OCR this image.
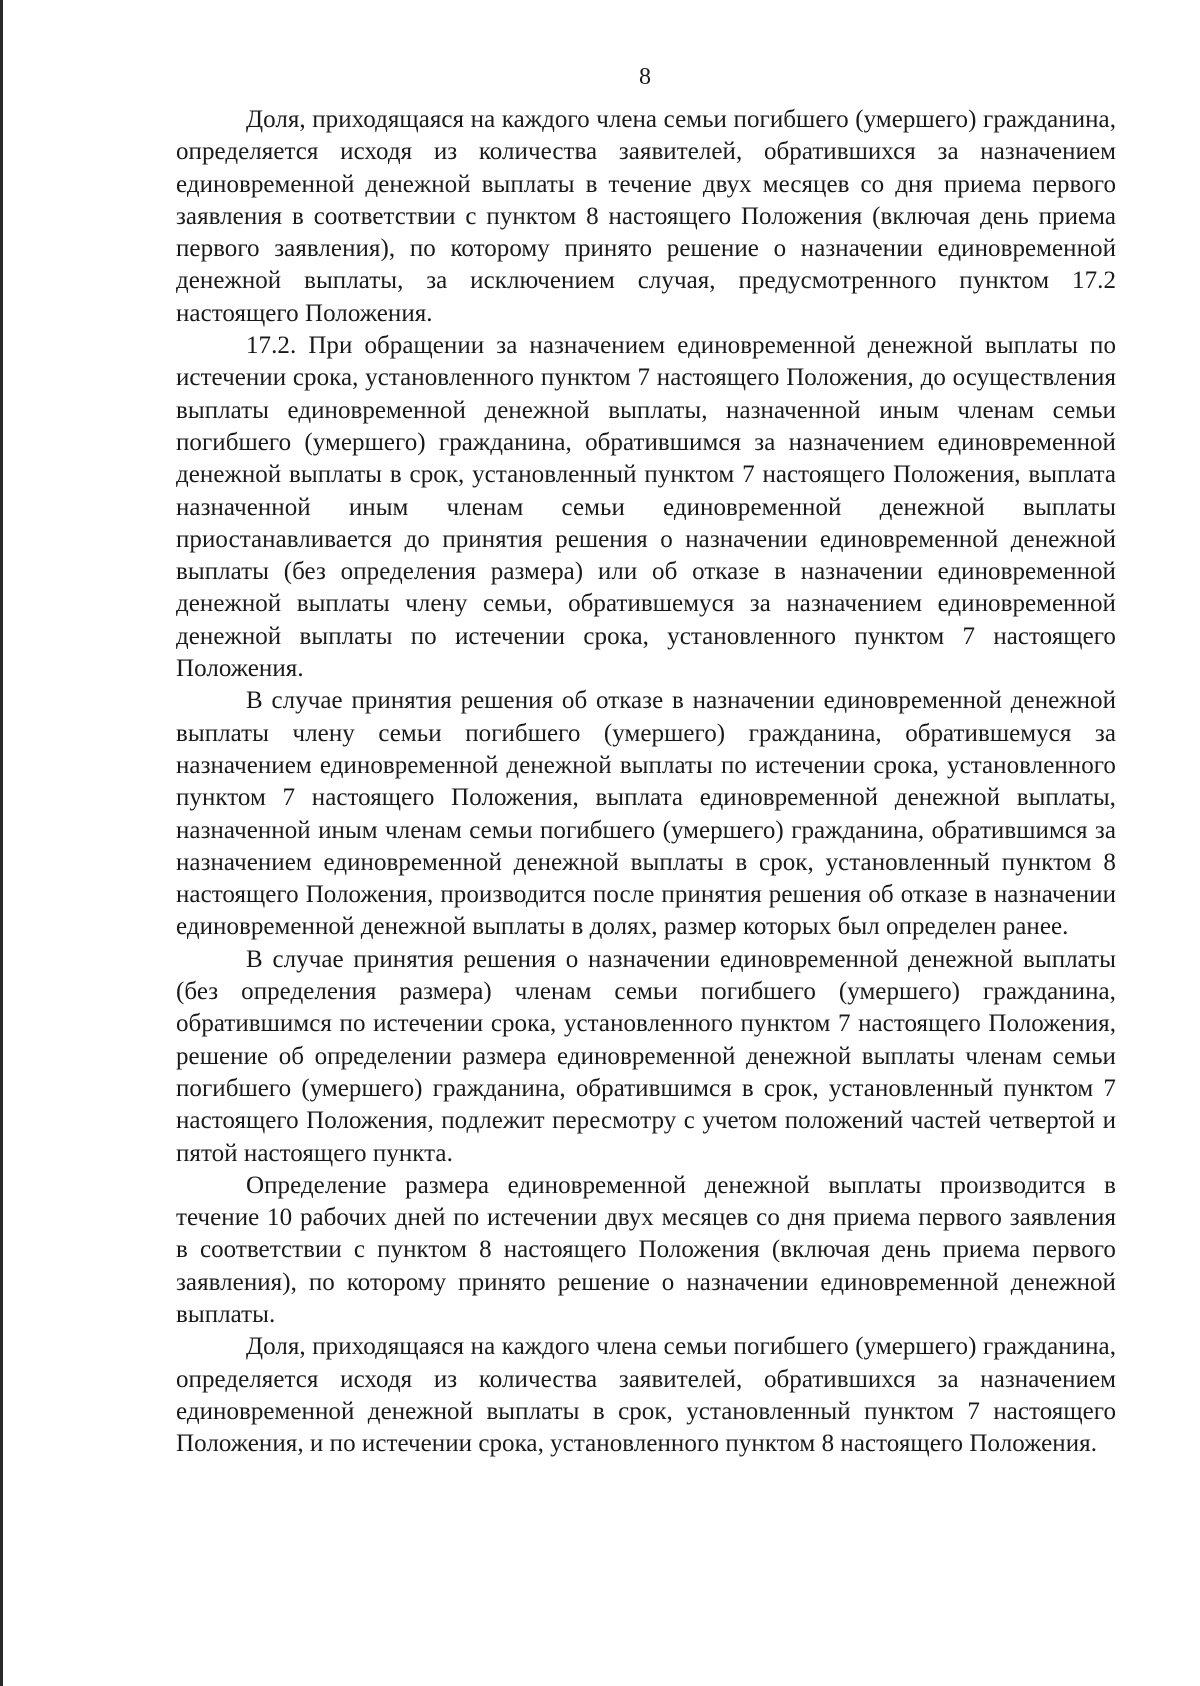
8

Доля, приходящаяся на каждого члена семьи погибшего (умершего) гражданина, определяется исходя из количества заявителей, обратившихся за назначением единовременной денежной выплаты в течение двух месяцев со дня приема первого заявления в соответствии с пунктом 8 настоящего Положения (включая день приема первого заявления), по которому принято решение о назначении единовременной денежной выплаты, за исключением случая, предусмотренного пунктом 17.2 настоящего Положения.

17.2. При обращении за назначением единовременной денежной выплаты по истечении срока, установленного пунктом 7 настоящего Положения, до осуществления выплаты единовременной денежной выплаты, назначенной иным членам семьи погибшего (умершего) гражданина, обратившимся за назначением единовременной денежной выплаты в срок, установленный пунктом 7 настоящего Положения, выплата назначенной иным членам семьи единовременной денежной выплаты приостанавливается до принятия решения о назначении единовременной денежной выплаты (без определения размера) или об отказе в назначении единовременной денежной выплаты члену семьи, обратившемуся за назначением единовременной денежной выплаты по истечении срока, установленного пунктом 7 настоящего Положения.

В случае принятия решения об отказе в назначении единовременной денежной выплаты члену семьи погибшего (умершего) гражданина, обратившемуся за назначением единовременной денежной выплаты по истечении срока, установленного пунктом 7 настоящего Положения, выплата единовременной денежной выплаты, назначенной иным членам семьи погибшего (умершего) гражданина, обратившимся за назначением единовременной денежной выплаты в срок, установленный пунктом 8 настоящего Положения, производится после принятия решения об отказе в назначении единовременной денежной выплаты в долях, размер которых был определен ранее.

В случае принятия решения о назначении единовременной денежной выплаты (без определения размера) членам семьи погибшего (умершего) гражданина, обратившимся по истечении срока, установленного пунктом 7 настоящего Положения, решение об определении размера единовременной денежной выплаты членам семьи погибшего (умершего) гражданина, обратившимся в срок, установленный пунктом 7 настоящего Положения, подлежит пересмотру с учетом положений частей четвертой и пятой настоящего пункта.

Определение размера единовременной денежной выплаты производится в течение 10 рабочих дней по истечении двух месяцев со дня приема первого заявления в соответствии с пунктом 8 настоящего Положения (включая день приема первого заявления), по которому принято решение о назначении единовременной денежной выплаты.

Доля, приходящаяся на каждого члена семьи погибшего (умершего) гражданина, определяется исходя из количества заявителей, обратившихся за назначением единовременной денежной выплаты в срок, установленный пунктом 7 настоящего Положения, и по истечении срока, установленного пунктом 8 настоящего Положения.
